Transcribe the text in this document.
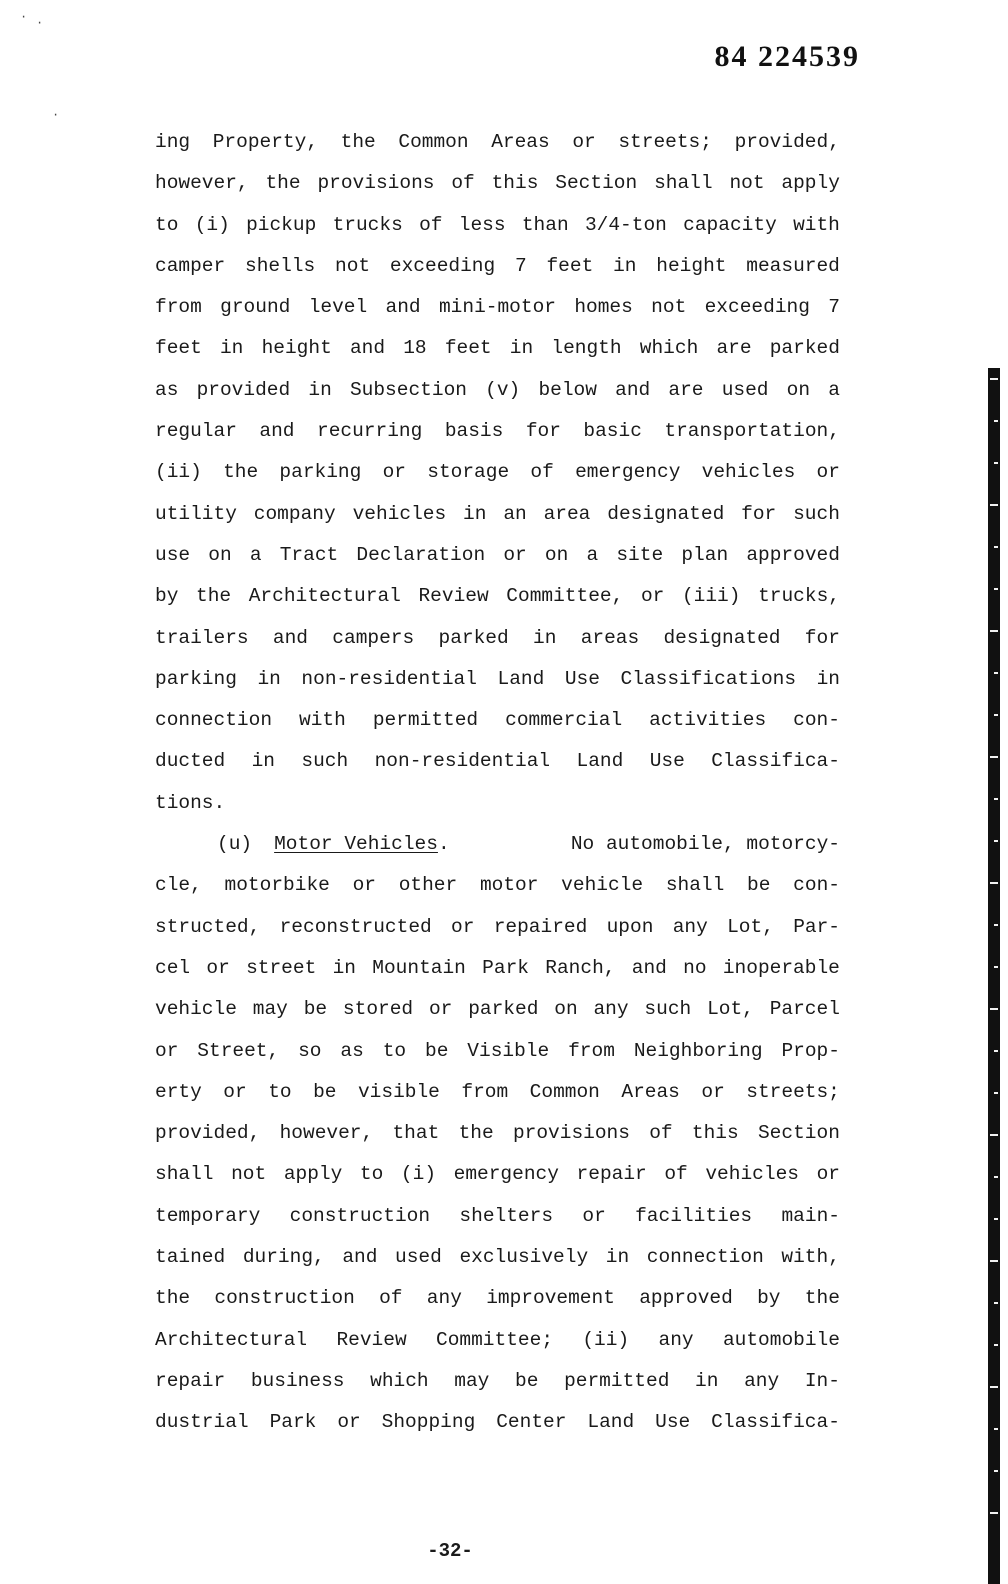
· ·
·
84 224539
ing Property, the Common Areas or streets; provided,
however, the provisions of this Section shall not apply
to (i) pickup trucks of less than 3/4-ton capacity with
camper shells not exceeding 7 feet in height measured
from ground level and mini-motor homes not exceeding 7
feet in height and 18 feet in length which are parked
as provided in Subsection (v) below and are used on a
regular and recurring basis for basic transportation,
(ii) the parking or storage of emergency vehicles or
utility company vehicles in an area designated for such
use on a Tract Declaration or on a site plan approved
by the Architectural Review Committee, or (iii) trucks,
trailers and campers parked in areas designated for
parking in non-residential Land Use Classifications in
connection with permitted commercial activities con-
ducted in such non-residential Land Use Classifica-
tions.
(u)	Motor Vehicles.	No automobile, motorcy-
cle, motorbike or other motor vehicle shall be con-
structed, reconstructed or repaired upon any Lot, Par-
cel or street in Mountain Park Ranch, and no inoperable
vehicle may be stored or parked on any such Lot, Parcel
or Street, so as to be Visible from Neighboring Prop-
erty or to be visible from Common Areas or streets;
provided, however, that the provisions of this Section
shall not apply to (i) emergency repair of vehicles or
temporary construction shelters or facilities main-
tained during, and used exclusively in connection with,
the construction of any improvement approved by the
Architectural Review Committee; (ii) any automobile
repair business which may be permitted in any In-
dustrial Park or Shopping Center Land Use Classifica-
-32-
